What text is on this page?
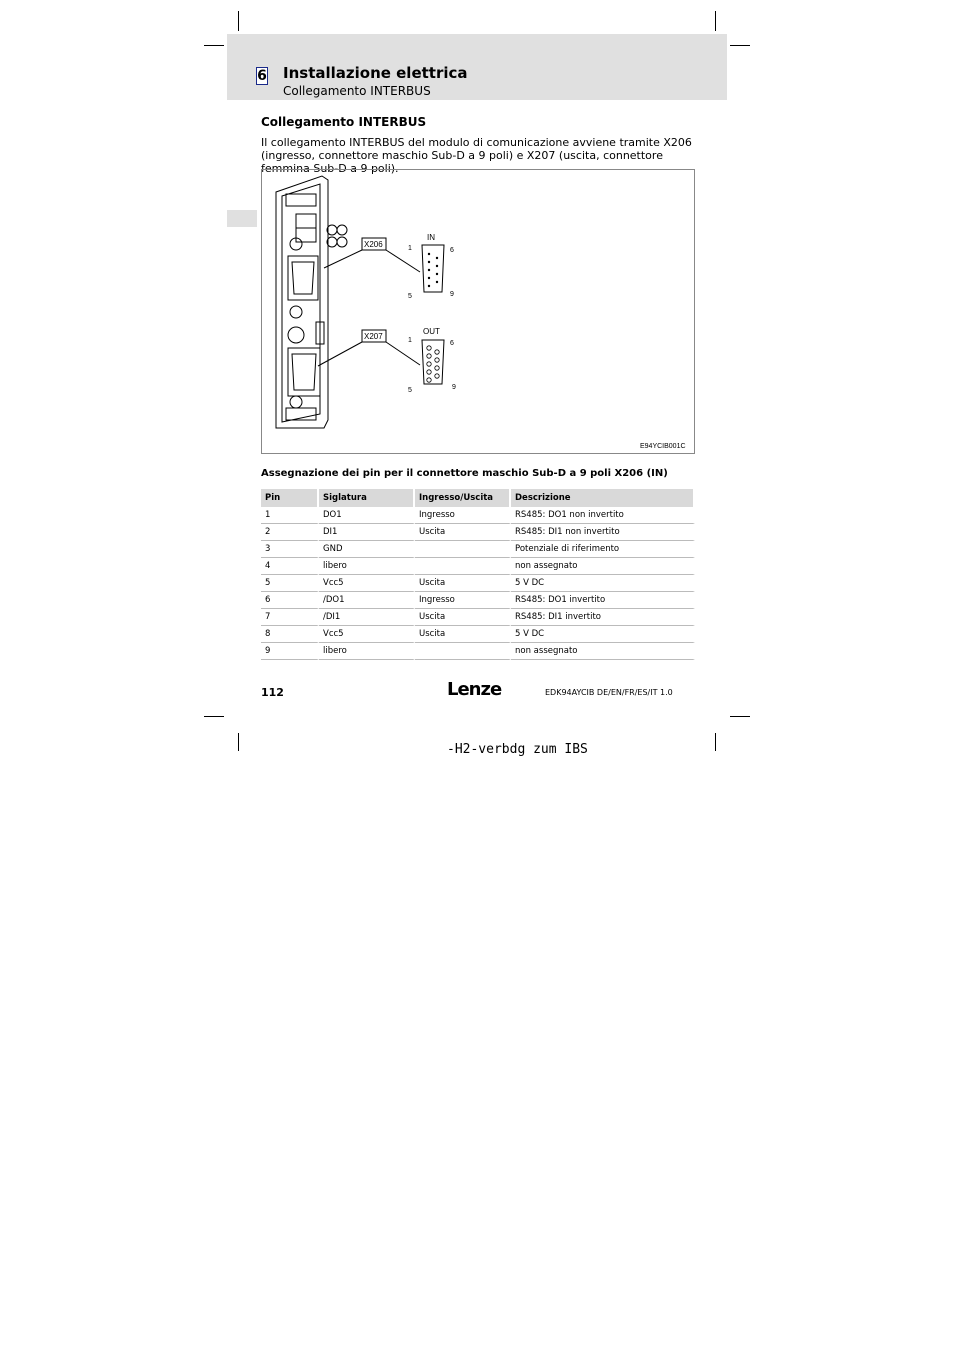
6 Installazione elettrica
Collegamento INTERBUS
Collegamento INTERBUS
Il collegamento INTERBUS del modulo di comunicazione avviene tramite X206 (ingresso, connettore maschio Sub-D a 9 poli) e X207 (uscita, connettore femmina Sub-D a 9 poli).
X206
X207
IN
OUT
1	6
5	9
1	6
5	9
E94YCIB001C
Assegnazione dei pin per il connettore maschio Sub-D a 9 poli X206 (IN)
Pin	Siglatura	Ingresso/Uscita	Descrizione
1	DO1	Ingresso	RS485: DO1 non invertito
2	DI1	Uscita	RS485: DI1 non invertito
3	GND		Potenziale di riferimento
4	libero		non assegnato
5	Vcc5	Uscita	5 V DC
6	/DO1	Ingresso	RS485: DO1 invertito
7	/DI1	Uscita	RS485: DI1 invertito
8	Vcc5	Uscita	5 V DC
9	libero		non assegnato
112	Lenze	EDK94AYCIB DE/EN/FR/ES/IT 1.0
-H2-verbdg zum IBS
